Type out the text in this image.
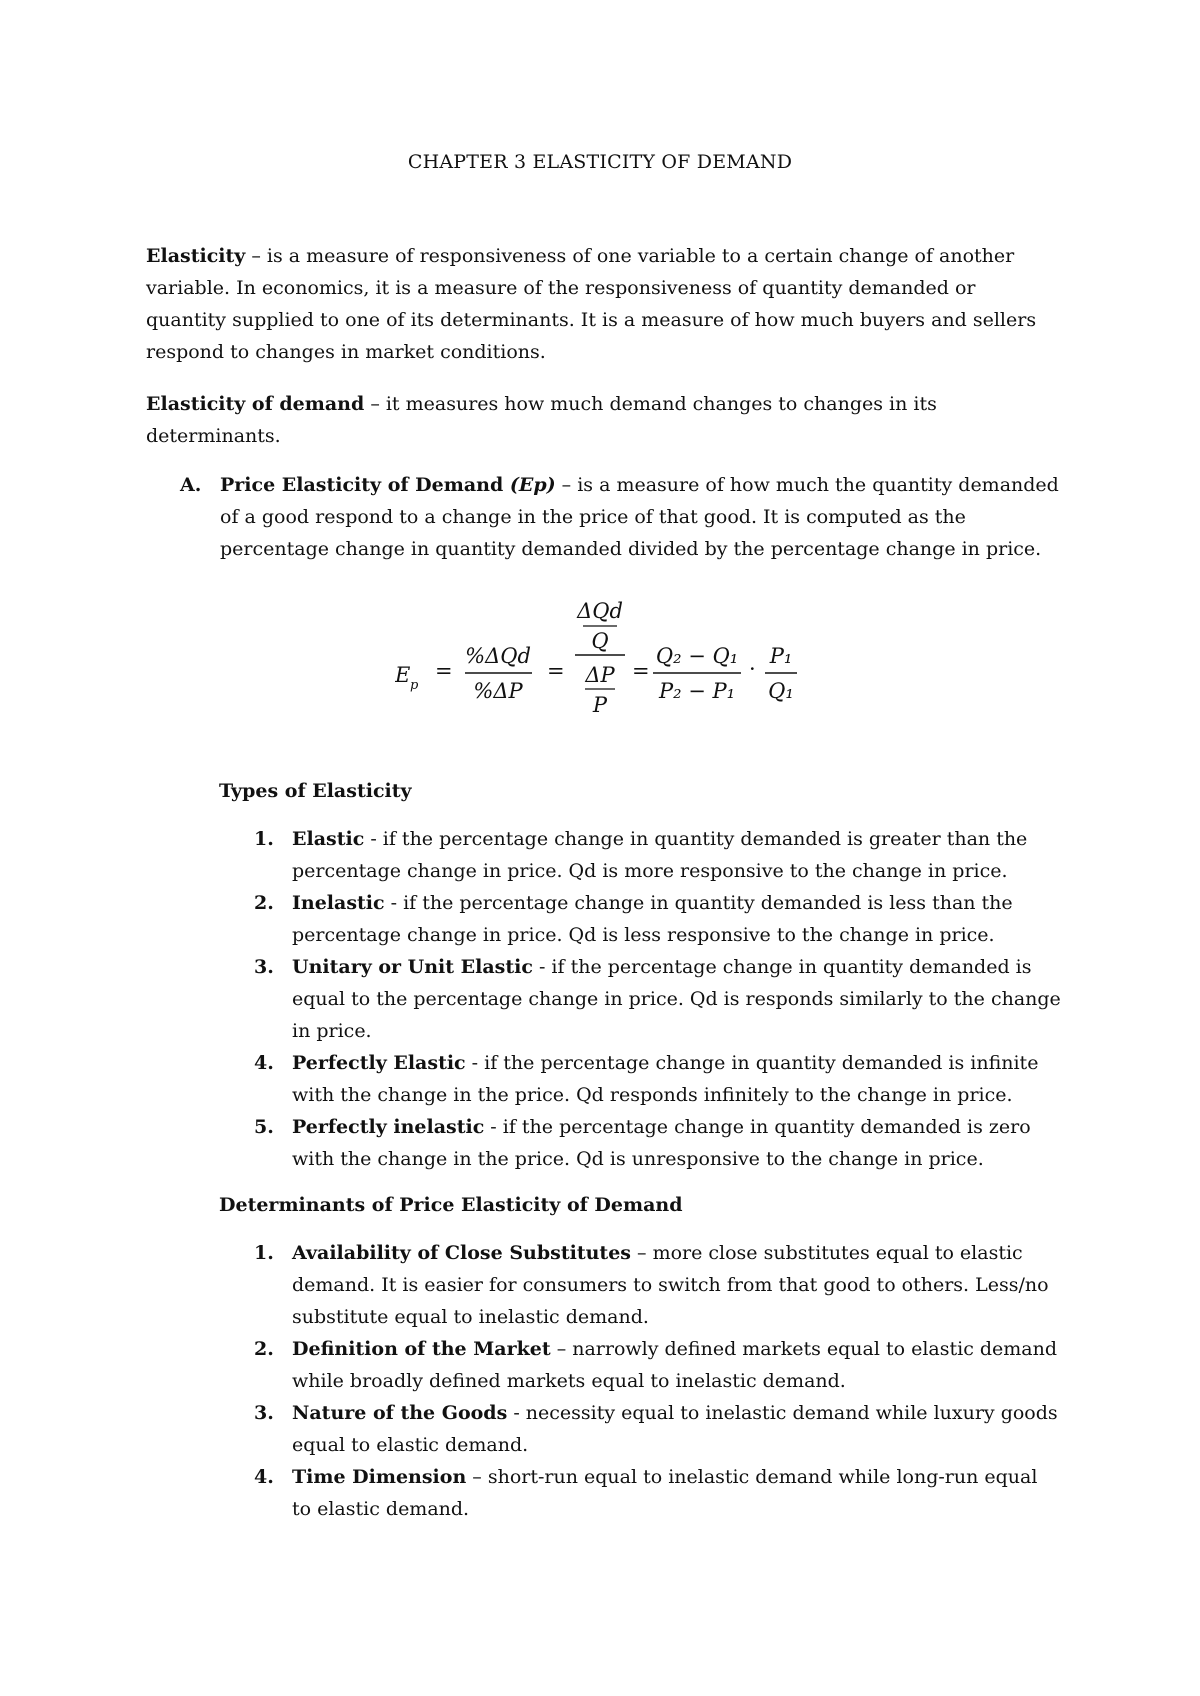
CHAPTER 3 ELASTICITY OF DEMAND
Elasticity – is a measure of responsiveness of one variable to a certain change of another
variable. In economics, it is a measure of the responsiveness of quantity demanded or
quantity supplied to one of its determinants. It is a measure of how much buyers and sellers
respond to changes in market conditions.
Elasticity of demand – it measures how much demand changes to changes in its
determinants.
A. Price Elasticity of Demand (Ep) – is a measure of how much the quantity demanded
of a good respond to a change in the price of that good. It is computed as the
percentage change in quantity demanded divided by the percentage change in price.
E p
=
%ΔQd
%ΔP
=
ΔQd
Q
ΔP
P
=
Q₂ − Q₁
P₂ − P₁
·
P₁
Q₁
Types of Elasticity
1. Elastic - if the percentage change in quantity demanded is greater than the
percentage change in price. Qd is more responsive to the change in price.
2. Inelastic - if the percentage change in quantity demanded is less than the
percentage change in price. Qd is less responsive to the change in price.
3. Unitary or Unit Elastic - if the percentage change in quantity demanded is
equal to the percentage change in price. Qd is responds similarly to the change
in price.
4. Perfectly Elastic - if the percentage change in quantity demanded is infinite
with the change in the price. Qd responds infinitely to the change in price.
5. Perfectly inelastic - if the percentage change in quantity demanded is zero
with the change in the price. Qd is unresponsive to the change in price.
Determinants of Price Elasticity of Demand
1. Availability of Close Substitutes – more close substitutes equal to elastic
demand. It is easier for consumers to switch from that good to others. Less/no
substitute equal to inelastic demand.
2. Definition of the Market – narrowly defined markets equal to elastic demand
while broadly defined markets equal to inelastic demand.
3. Nature of the Goods - necessity equal to inelastic demand while luxury goods
equal to elastic demand.
4. Time Dimension – short-run equal to inelastic demand while long-run equal
to elastic demand.
